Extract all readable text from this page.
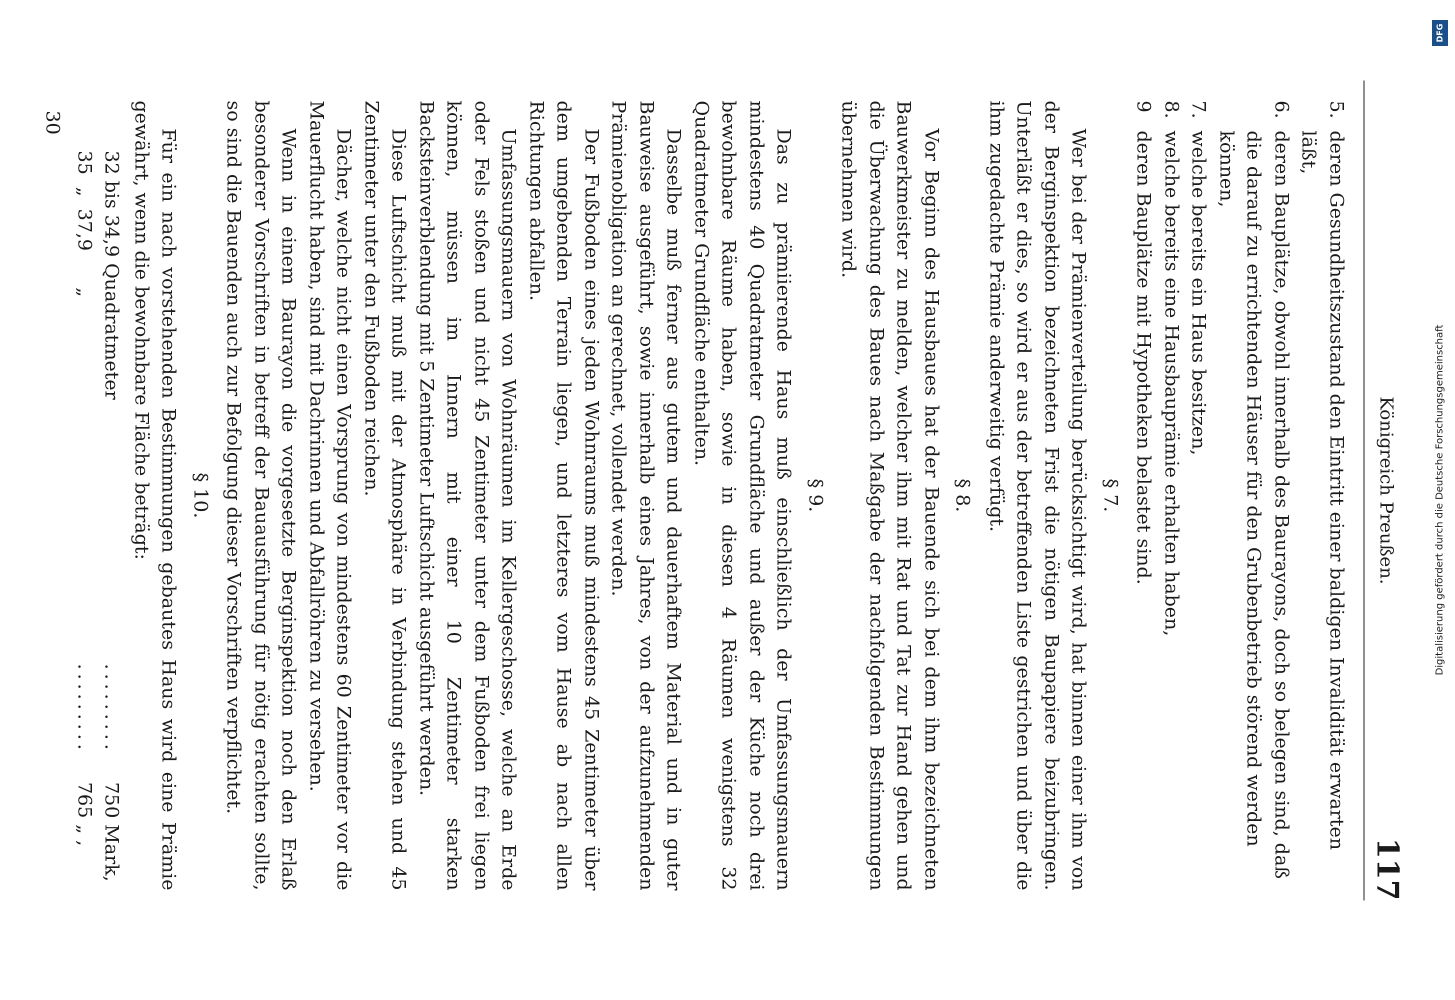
Königreich Preußen.
117
5.
deren Gesundheitszustand den Eintritt einer baldigen Invalidität erwarten läßt,
6.
deren Bauplätze, obwohl innerhalb des Baurayons, doch so belegen sind, daß die darauf zu errichtenden Häuser für den Grubenbetrieb störend werden können,
7.
welche bereits ein Haus besitzen,
8.
welche bereits eine Hausbauprämie erhalten haben,
9
deren Bauplätze mit Hypotheken belastet sind.
§ 7.

Wer bei der Prämienverteilung berücksichtigt wird, hat binnen einer ihm von der Berginspektion bezeichneten Frist die nötigen Baupapiere beizubringen. Unterläßt er dies, so wird er aus der betreffenden Liste gestrichen und über die ihm zugedachte Prämie anderweitig verfügt.

§ 8.

Vor Beginn des Hausbaues hat der Bauende sich bei dem ihm bezeichneten Bauwerkmeister zu melden, welcher ihm mit Rat und Tat zur Hand gehen und die Überwachung des Baues nach Maßgabe der nachfolgenden Bestimmungen übernehmen wird.

§ 9.

Das zu prämiierende Haus muß einschließlich der Umfassungsmauern mindestens 40 Quadratmeter Grundfläche und außer der Küche noch drei bewohnbare Räume haben, sowie in diesen 4 Räumen wenigstens 32 Quadratmeter Grundfläche enthalten.

Dasselbe muß ferner aus gutem und dauerhaftem Material und in guter Bauweise ausgeführt, sowie innerhalb eines Jahres, von der aufzunehmenden Prämienobligation an gerechnet, vollendet werden.

Der Fußboden eines jeden Wohnraums muß mindestens 45 Zentimeter über dem umgebenden Terrain liegen, und letzteres vom Hause ab nach allen Richtungen abfallen.

Umfassungsmauern von Wohnräumen im Kellergeschosse, welche an Erde oder Fels stoßen und nicht 45 Zentimeter unter dem Fußboden frei liegen können, müssen im Innern mit einer 10 Zentimeter starken Backsteinverblendung mit 5 Zentimeter Luftschicht ausgeführt werden.

Diese Luftschicht muß mit der Atmosphäre in Verbindung stehen und 45 Zentimeter unter den Fußboden reichen.

Dächer, welche nicht einen Vorsprung von mindestens 60 Zentimeter vor die Mauerflucht haben, sind mit Dachrinnen und Abfallröhren zu versehen.

Wenn in einem Baurayon die vorgesetzte Berginspektion noch den Erlaß besonderer Vorschriften in betreff der Bauausführung für nötig erachten sollte, so sind die Bauenden auch zur Befolgung dieser Vorschriften verpflichtet.

§ 10.

Für ein nach vorstehenden Bestimmungen gebautes Haus wird eine Prämie gewährt, wenn die bewohnbare Fläche beträgt:

32 bis 34,9 Quadratmeter
.........
750 Mark,
35  „  37,9      „
.........
765 „ ,
30
DFG
Digitalisierung gefördert durch die Deutsche Forschungsgemeinschaft
